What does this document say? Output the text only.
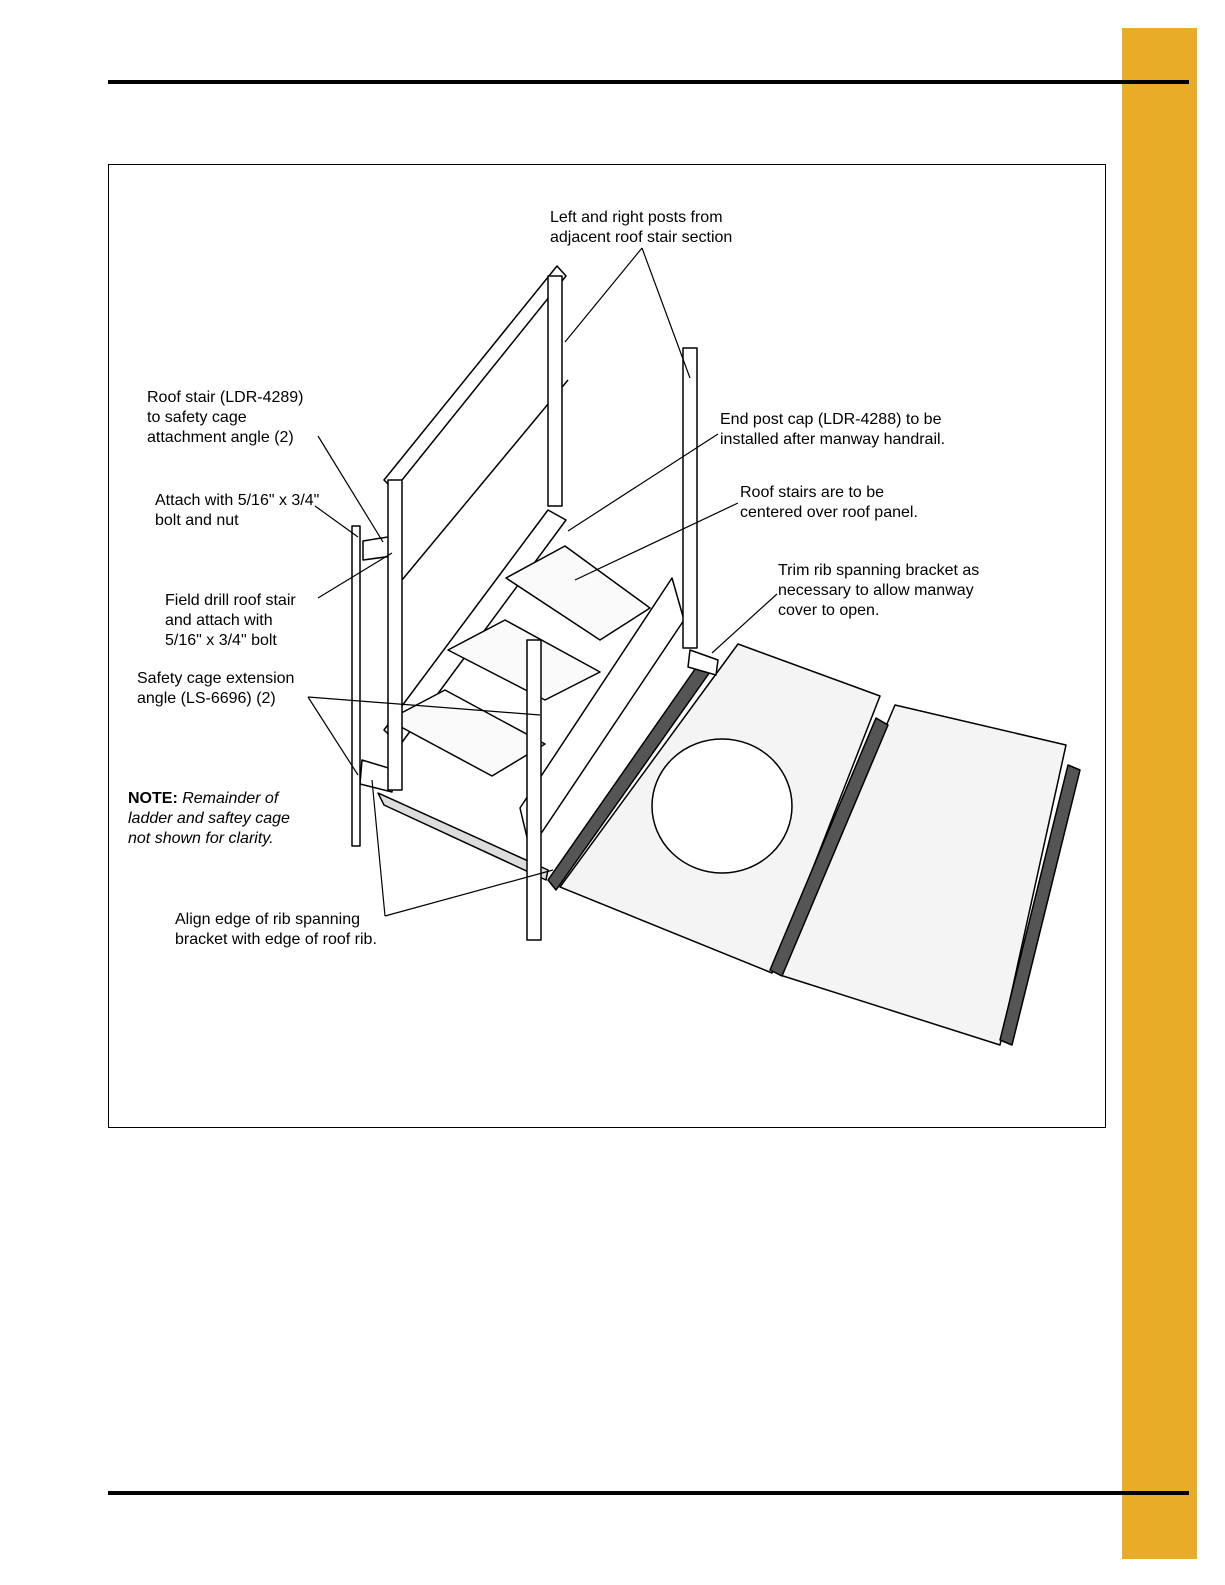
Left and right posts from
adjacent roof stair section
Roof stair (LDR-4289)
to safety cage
attachment angle (2)
Attach with 5/16" x 3/4"
bolt and nut
Field drill roof stair
and attach with
5/16" x 3/4" bolt
Safety cage extension
angle (LS-6696) (2)
End post cap (LDR-4288) to be
installed after manway handrail.
Roof stairs are to be
centered over roof panel.
Trim rib spanning bracket as
necessary to allow manway
cover to open.
Align edge of rib spanning
bracket with edge of roof rib.
NOTE: Remainder of
ladder and saftey cage
not shown for clarity.
